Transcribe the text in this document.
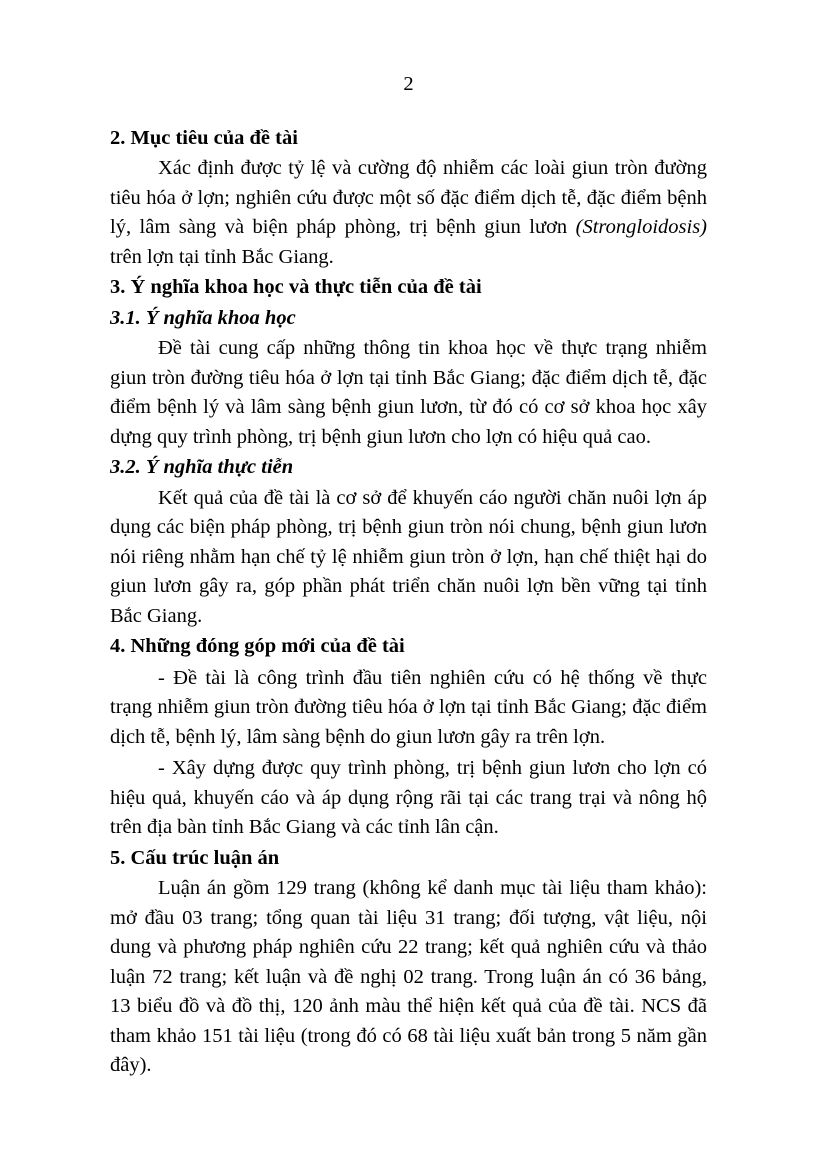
2
2. Mục tiêu của đề tài

Xác định được tỷ lệ và cường độ nhiễm các loài giun tròn đường tiêu hóa ở lợn; nghiên cứu được một số đặc điểm dịch tễ, đặc điểm bệnh lý, lâm sàng và biện pháp phòng, trị bệnh giun lươn (Strongloidosis) trên lợn tại tỉnh Bắc Giang.

3. Ý nghĩa khoa học và thực tiễn của đề tài
3.1. Ý nghĩa khoa học

Đề tài cung cấp những thông tin khoa học về thực trạng nhiễm giun tròn đường tiêu hóa ở lợn tại tỉnh Bắc Giang; đặc điểm dịch tễ, đặc điểm bệnh lý và lâm sàng bệnh giun lươn, từ đó có cơ sở khoa học xây dựng quy trình phòng, trị bệnh giun lươn cho lợn có hiệu quả cao.

3.2. Ý nghĩa thực tiễn

Kết quả của đề tài là cơ sở để khuyến cáo người chăn nuôi lợn áp dụng các biện pháp phòng, trị bệnh giun tròn nói chung, bệnh giun lươn nói riêng nhằm hạn chế tỷ lệ nhiễm giun tròn ở lợn, hạn chế thiệt hại do giun lươn gây ra, góp phần phát triển chăn nuôi lợn bền vững tại tỉnh Bắc Giang.

4. Những đóng góp mới của đề tài

- Đề tài là công trình đầu tiên nghiên cứu có hệ thống về thực trạng nhiễm giun tròn đường tiêu hóa ở lợn tại tỉnh Bắc Giang; đặc điểm dịch tễ, bệnh lý, lâm sàng bệnh do giun lươn gây ra trên lợn.

- Xây dựng được quy trình phòng, trị bệnh giun lươn cho lợn có hiệu quả, khuyến cáo và áp dụng rộng rãi tại các trang trại và nông hộ trên địa bàn tỉnh Bắc Giang và các tỉnh lân cận.

5. Cấu trúc luận án

Luận án gồm 129 trang (không kể danh mục tài liệu tham khảo): mở đầu 03 trang; tổng quan tài liệu 31 trang; đối tượng, vật liệu, nội dung và phương pháp nghiên cứu 22 trang; kết quả nghiên cứu và thảo luận 72 trang; kết luận và đề nghị 02 trang. Trong luận án có 36 bảng, 13 biểu đồ và đồ thị, 120 ảnh màu thể hiện kết quả của đề tài. NCS đã tham khảo 151 tài liệu (trong đó có 68 tài liệu xuất bản trong 5 năm gần đây).
